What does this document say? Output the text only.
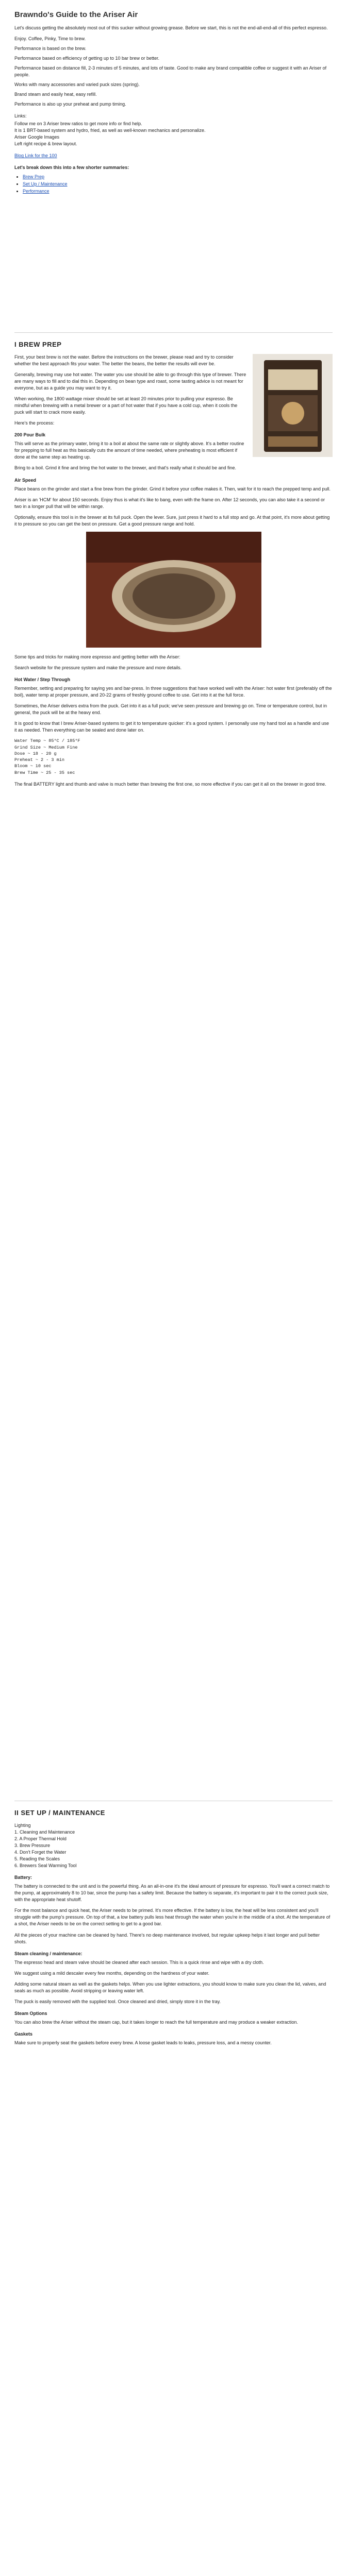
Brawndo's Guide to the Ariser Air

Let's discuss getting the absolutely most out of this sucker without growing grease. Before we start, this is not the end-all-end-all of this perfect espresso.

Enjoy. Coffee, Pinky, Time to brew.
Performance is based on the brew.
Performance based on efficiency of getting up to 10 bar brew or better.
Performance based on distance fill, 2-3 minutes of 5 minutes, and lots of taste. Good to make any brand compatible coffee or suggest it with an Ariser of people.
Works with many accessories and varied puck sizes (spring).
Brand steam and easily heat, easy refill.
Performance is also up your preheat and pump timing.

Links:

Follow me on 3 Ariser brew ratios to get more info or find help.
It is 1 BRT-based system and hydro, fried, as well as well-known mechanics and personalize.
Ariser Google Images
Left right recipe & brew layout.

Blog Link for the 100

Let's break down this into a few shorter summaries:
• Brew Prep
• Set Up / Maintenance
• Performance
I BREW PREP

First, your best brew is not the water. Before the instructions on the brewer, please read and try to consider whether the best approach fits your water. The better the beans, the better the results will ever be.

Generally, brewing may use hot water. The water you use should be able to go through this type of brewer. There are many ways to fill and to dial this in. Depending on bean type and roast, some tasting advice is not meant for everyone, but as a guide you may want to try it.

When working, the 1800 wattage mixer should be set at least 20 minutes prior to pulling your espresso. Be mindful when brewing with a metal brewer or a part of hot water that if you have a cold cup, when it cools the puck will start to crack more easily.

Here's the process:

200 Pour Bulk

This will serve as the primary water, bring it to a boil at about the same rate or slightly above. It's a better routine for prepping to full heat as this basically cuts the amount of time needed, where preheating is most efficient if done at the same step as heating up.

Bring to a boil. Grind it fine and bring the hot water to the brewer, and that's really what it should be and fine.

Air Speed

Place beans on the grinder and start a fine brew from the grinder. Grind it before your coffee makes it. Then, wait for it to reach the prepped temp and pull.

Ariser is an 'HCM' for about 150 seconds. Enjoy thus is what it's like to bang, even with the frame on. After 12 seconds, you can also take it a second or two in a longer pull that will be within range.

Optionally, ensure this tool is in the brewer at its full puck. Open the lever. Sure, just press it hard to a full stop and go. At that point, it's more about getting it to pressure so you can get the best on pressure. Get a good pressure range and hold.

Some tips and tricks for making more espresso and getting better with the Ariser:

Search website for the pressure system and make the pressure and more details.

Hot Water / Step Through

Remember, setting and preparing for saying yes and bar-press. In three suggestions that have worked well with the Ariser: hot water first (preferably off the boil), water temp at proper pressure, and 20-22 grams of freshly ground coffee to use. Get into it at the full force.

Sometimes, the Ariser delivers extra from the puck. Get into it as a full puck; we've seen pressure and brewing go on. Time or temperature control, but in general, the puck will be at the heavy end.

It is good to know that I brew Ariser-based systems to get it to temperature quicker: it's a good system. I personally use my hand tool as a handle and use it as needed. Then everything can be sealed and done later on.

Water Temp ~ 85°C / 185°F
Grind Size ~ Medium Fine
Dose ~ 18 - 20 g
Preheat ~ 2 - 3 min
Bloom ~ 10 sec
Brew Time ~ 25 - 35 sec

The final BATTERY light and thumb and valve is much better than brewing the first one, so more effective if you can get it all on the brewer in good time.

II SET UP / MAINTENANCE
Lighting
1. Cleaning and Maintenance
2. A Proper Thermal Hold
3. Brew Pressure
4. Don't Forget the Water
5. Reading the Scales
6. Brewers Seal Warming Tool
Battery:

The battery is connected to the unit and is the powerful thing. As an all-in-one it's the ideal amount of pressure for espresso. You'll want a correct match to the pump, at approximately 8 to 10 bar, since the pump has a safety limit. Because the battery is separate, it's important to pair it to the correct puck size, with the appropriate heat shutoff.

For the most balance and quick heat, the Ariser needs to be primed. It's more effective. If the battery is low, the heat will be less consistent and you'll struggle with the pump's pressure. On top of that, a low battery pulls less heat through the water when you're in the middle of a shot. At the temperature of a shot, the Ariser needs to be on the correct setting to get to a good bar.

All the pieces of your machine can be cleaned by hand. There's no deep maintenance involved, but regular upkeep helps it last longer and pull better shots.

Steam cleaning / maintenance:

The espresso head and steam valve should be cleaned after each session. This is a quick rinse and wipe with a dry cloth.

We suggest using a mild descaler every few months, depending on the hardness of your water.

Adding some natural steam as well as the gaskets helps. When you use lighter extractions, you should know to make sure you clean the lid, valves, and seals as much as possible. Avoid stripping or leaving water left.

The puck is easily removed with the supplied tool. Once cleaned and dried, simply store it in the tray.

Steam Options

You can also brew the Ariser without the steam cap, but it takes longer to reach the full temperature and may produce a weaker extraction.

Gaskets

Make sure to properly seat the gaskets before every brew. A loose gasket leads to leaks, pressure loss, and a messy counter.
